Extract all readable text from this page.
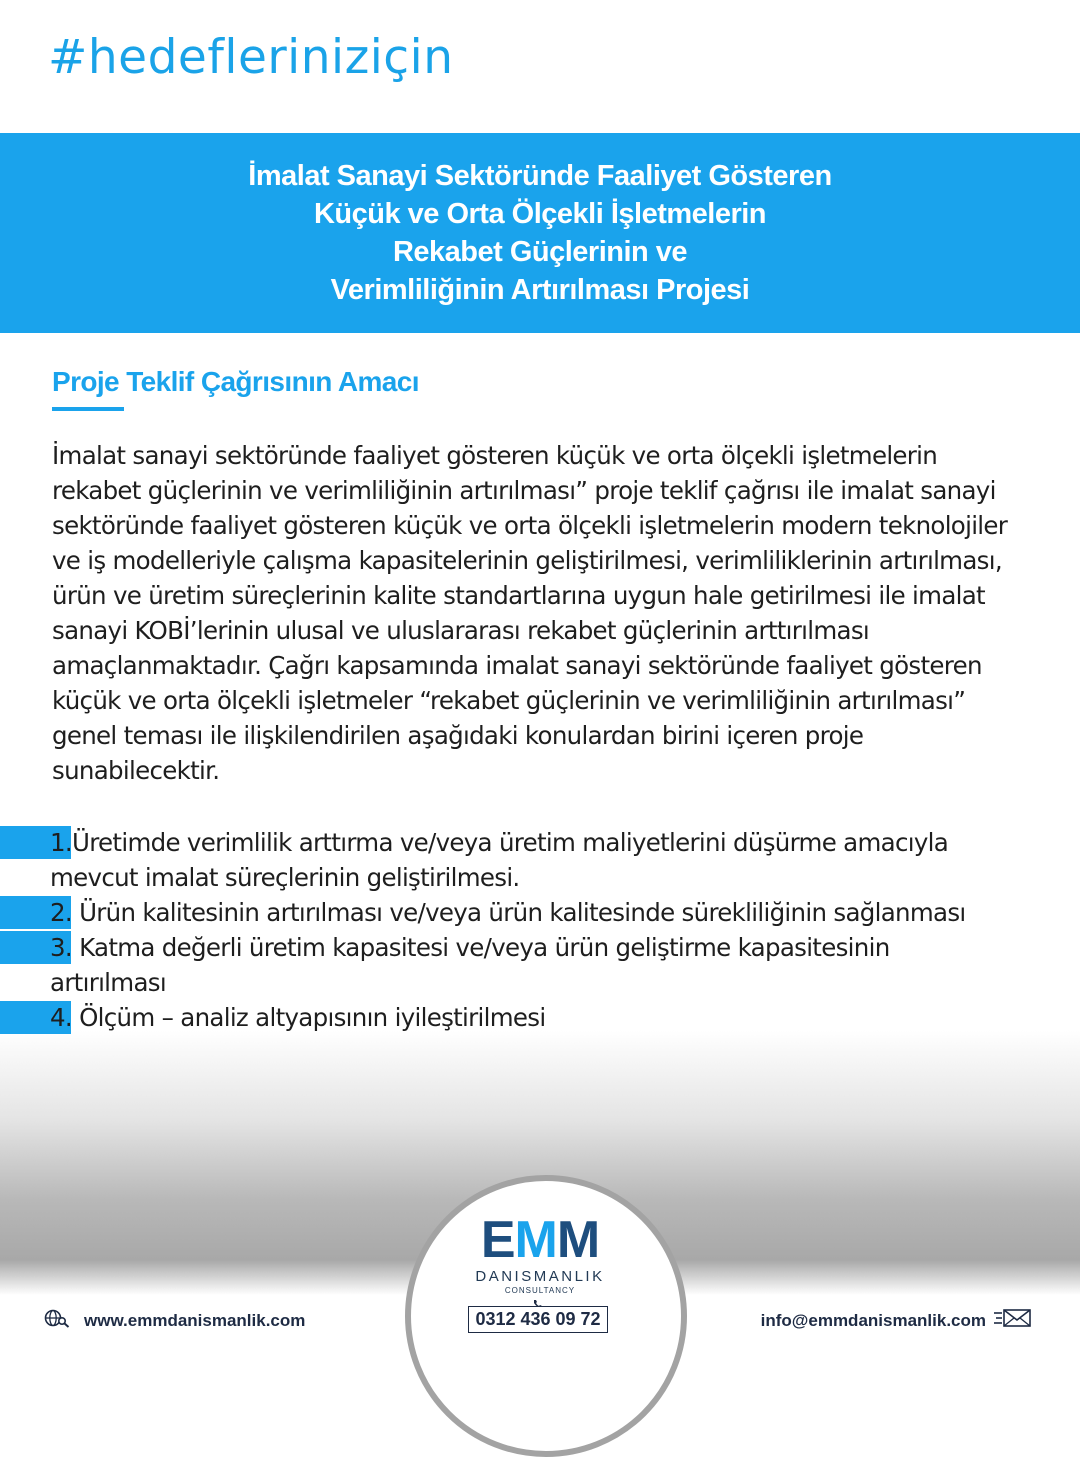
#hedefleriniziçin
İmalat Sanayi Sektöründe Faaliyet Gösteren
Küçük ve Orta Ölçekli İşletmelerin
Rekabet Güçlerinin ve
Verimliliğinin Artırılması Projesi
Proje Teklif Çağrısının Amacı
İmalat sanayi sektöründe faaliyet gösteren küçük ve orta ölçekli işletmelerin
rekabet güçlerinin ve verimliliğinin artırılması” proje teklif çağrısı ile imalat sanayi
sektöründe faaliyet gösteren küçük ve orta ölçekli işletmelerin modern teknolojiler
ve iş modelleriyle çalışma kapasitelerinin geliştirilmesi, verimliliklerinin artırılması,
ürün ve üretim süreçlerinin kalite standartlarına uygun hale getirilmesi ile imalat
sanayi KOBİ’lerinin ulusal ve uluslararası rekabet güçlerinin arttırılması
amaçlanmaktadır. Çağrı kapsamında imalat sanayi sektöründe faaliyet gösteren
küçük ve orta ölçekli işletmeler “rekabet güçlerinin ve verimliliğinin artırılması”
genel teması ile ilişkilendirilen aşağıdaki konulardan birini içeren proje
sunabilecektir.
1.Üretimde verimlilik arttırma ve/veya üretim maliyetlerini düşürme amacıyla
mevcut imalat süreçlerinin geliştirilmesi.
2. Ürün kalitesinin artırılması ve/veya ürün kalitesinde sürekliliğinin sağlanması
3. Katma değerli üretim kapasitesi ve/veya ürün geliştirme kapasitesinin
artırılması
4. Ölçüm – analiz altyapısının iyileştirilmesi
EMM
DANISMANLIK
CONSULTANCY
www.emmdanismanlik.com	0312 436 09 72	info@emmdanismanlik.com
